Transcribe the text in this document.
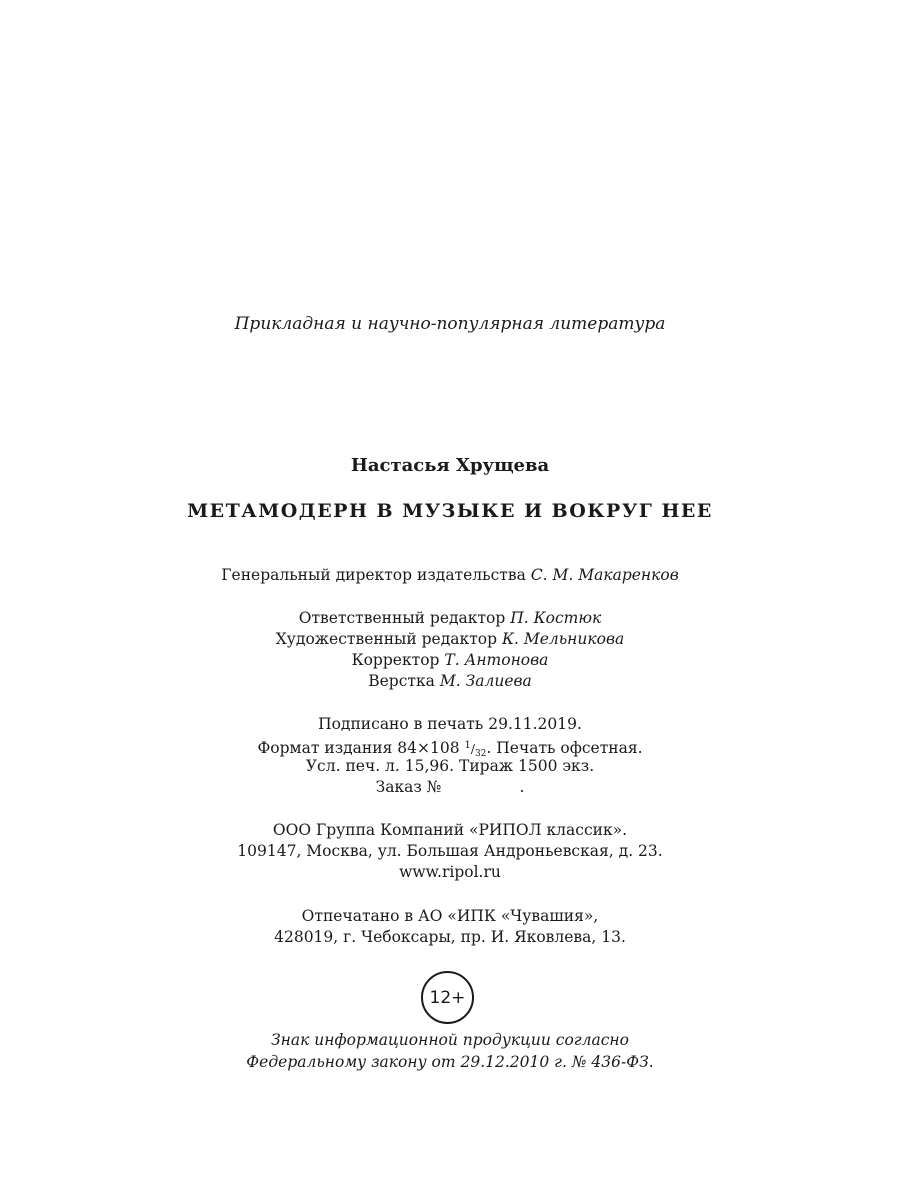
Прикладная и научно-популярная литература
Настасья Хрущева
МЕТАМОДЕРН В МУЗЫКЕ И ВОКРУГ НЕЕ
Генеральный директор издательства С. М. Макаренков
Ответственный редактор П. Костюк
Художественный редактор К. Мельникова
Корректор Т. Антонова
Верстка М. Залиева
Подписано в печать 29.11.2019.
Формат издания 84×108 $^1/_{32}$. Печать офсетная.
Усл. печ. л. 15,96. Тираж 1500 экз.
Заказ №	.
ООО Группа Компаний «РИПОЛ классик».
109147, Москва, ул. Большая Андроньевская, д. 23.
www.ripol.ru
Отпечатано в АО «ИПК «Чувашия»,
428019, г. Чебоксары, пр. И. Яковлева, 13.
12+
Знак информационной продукции согласно
Федеральному закону от 29.12.2010 г. № 436-ФЗ.
